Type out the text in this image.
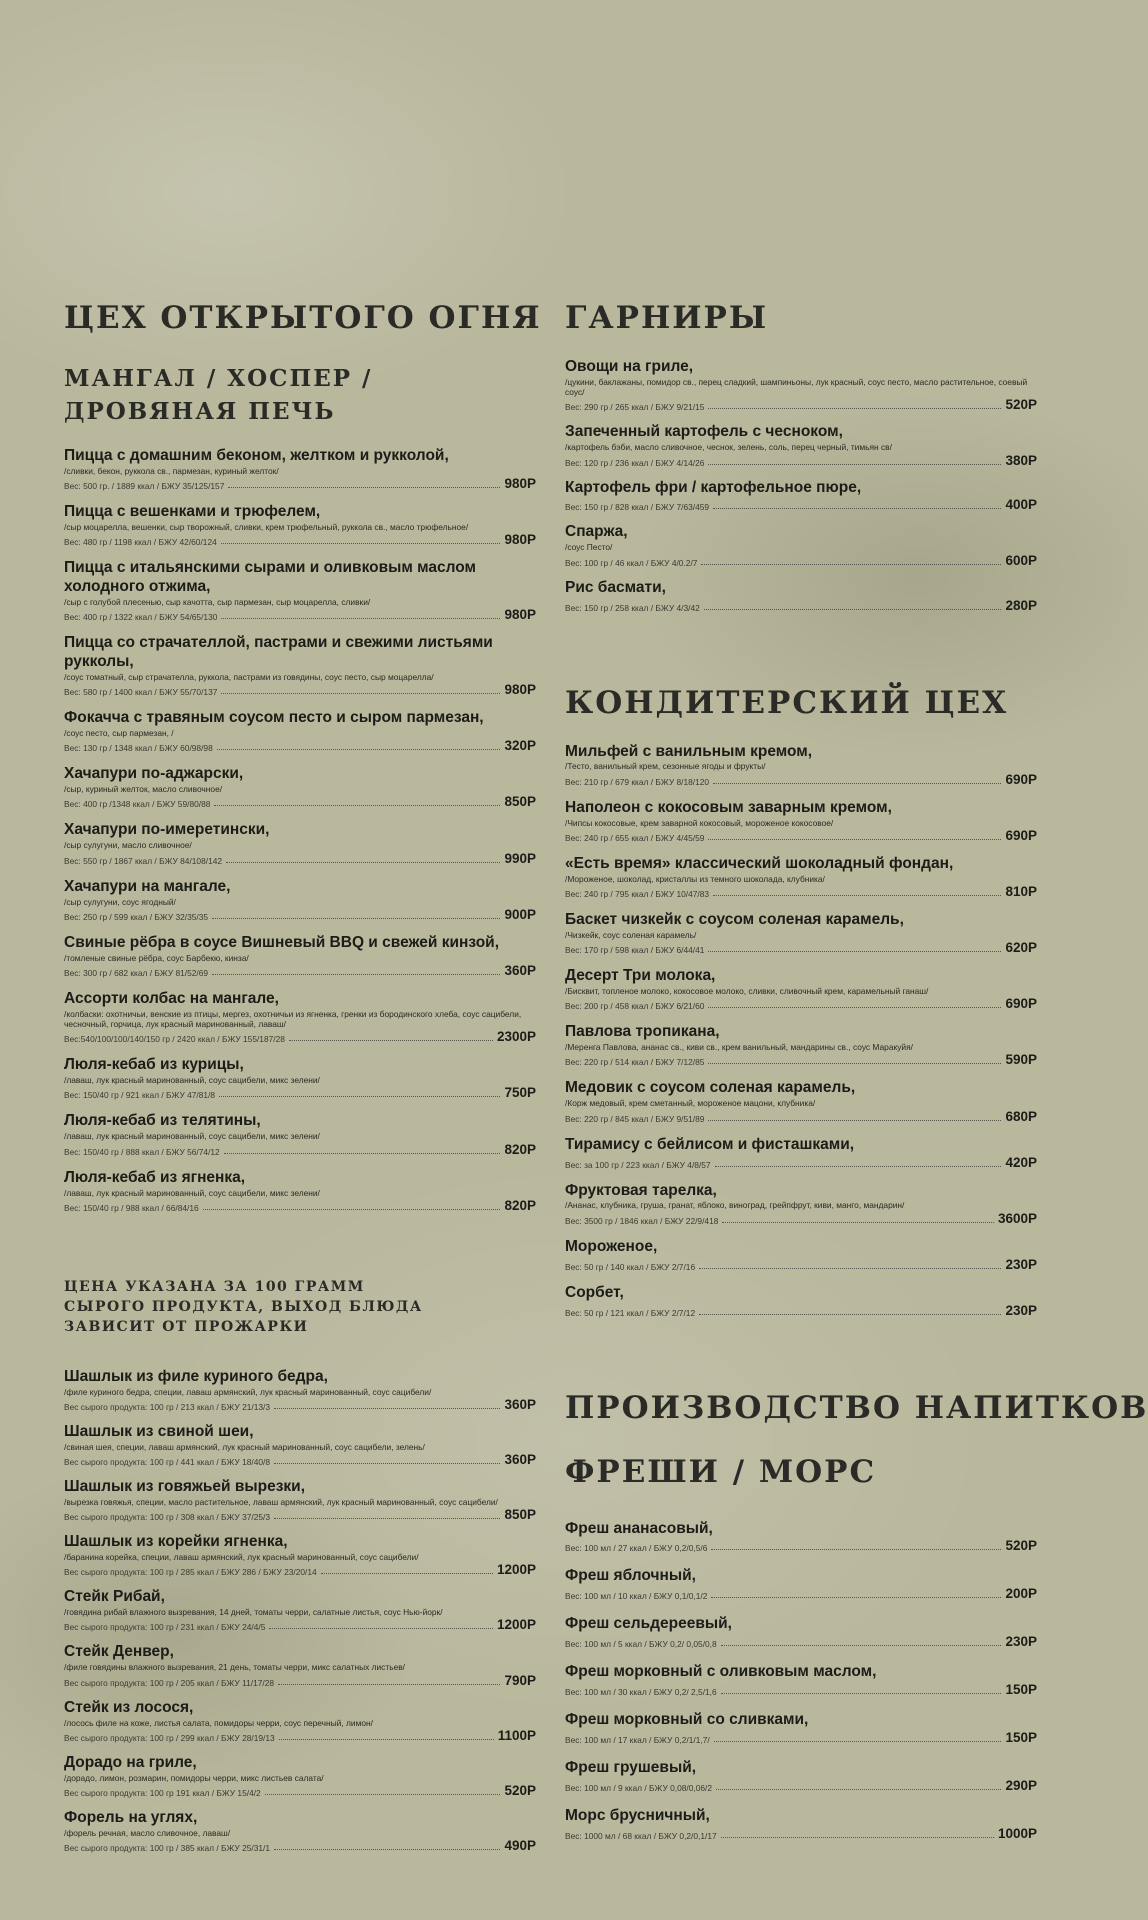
ЦЕХ ОТКРЫТОГО ОГНЯ
МАНГАЛ / ХОСПЕР / ДРОВЯНАЯ ПЕЧЬ
Пицца с домашним беконом, желтком и рукколой,
/сливки, бекон, руккола св., пармезан, куриный желток/
Вес: 500 гр. / 1889 ккал / БЖУ 35/125/157	980Р
Пицца с вешенками и трюфелем,
/сыр моцарелла, вешенки, сыр творожный, сливки, крем трюфельный, руккола св., масло трюфельное/
Вес: 480 гр / 1198 ккал / БЖУ 42/60/124	980Р
Пицца с итальянскими сырами и оливковым маслом холодного отжима,
/сыр с голубой плесенью, сыр качотта, сыр пармезан, сыр моцарелла, сливки/
Вес: 400 гр / 1322 ккал / БЖУ 54/65/130	980Р
Пицца со страчателлой, пастрами и свежими листьями рукколы,
/соус томатный, сыр страчателла, руккола, пастрами из говядины, соус песто, сыр моцарелла/
Вес: 580 гр / 1400 ккал / БЖУ 55/70/137	980Р
Фокачча с травяным соусом песто и сыром пармезан,
/соус песто, сыр пармезан, /
Вес: 130 гр / 1348 ккал / БЖУ 60/98/98	320Р
Хачапури по-аджарски,
/сыр, куриный желток, масло сливочное/
Вес: 400 гр /1348 ккал / БЖУ 59/80/88	850Р
Хачапури по-имеретински,
/сыр сулугуни, масло сливочное/
Вес: 550 гр / 1867 ккал / БЖУ 84/108/142	990Р
Хачапури на мангале,
/сыр сулугуни, соус ягодный/
Вес: 250 гр / 599 ккал / БЖУ 32/35/35	900Р
Свиные рёбра в соусе Вишневый BBQ и свежей кинзой,
/томленые свиные рёбра, соус Барбекю, кинза/
Вес: 300 гр / 682 ккал / БЖУ 81/52/69	360Р
Ассорти колбас на мангале,
/колбаски: охотничьи, венские из птицы, мергез, охотничьи из ягненка, гренки из бородинского хлеба, соус сацибели, чесночный, горчица, лук красный маринованный, лаваш/
Вес:540/100/100/140/150 гр / 2420 ккал / БЖУ 155/187/28	2300Р
Люля-кебаб из курицы,
/лаваш, лук красный маринованный, соус сацибели, микс зелени/
Вес: 150/40 гр / 921 ккал / БЖУ 47/81/8	750Р
Люля-кебаб из телятины,
/лаваш, лук красный маринованный, соус сацибели, микс зелени/
Вес: 150/40 гр / 888 ккал / БЖУ 56/74/12	820Р
Люля-кебаб из ягненка,
/лаваш, лук красный маринованный, соус сацибели, микс зелени/
Вес: 150/40 гр / 988 ккал / 66/84/16	820Р
ЦЕНА УКАЗАНА ЗА 100 ГРАММ СЫРОГО ПРОДУКТА, ВЫХОД БЛЮДА ЗАВИСИТ ОТ ПРОЖАРКИ
Шашлык из филе куриного бедра,
/филе куриного бедра, специи, лаваш армянский, лук красный маринованный, соус сацибели/
Вес сырого продукта: 100 гр / 213 ккал / БЖУ 21/13/3	360Р
Шашлык из свиной шеи,
/свиная шея, специи, лаваш армянский, лук красный маринованный, соус сацибели, зелень/
Вес сырого продукта: 100 гр / 441 ккал / БЖУ 18/40/8	360Р
Шашлык из говяжьей вырезки,
/вырезка говяжья, специи, масло растительное, лаваш армянский, лук красный маринованный, соус сацибели/
Вес сырого продукта: 100 гр / 308 ккал / БЖУ 37/25/3	850Р
Шашлык из корейки ягненка,
/баранина корейка, специи, лаваш армянский, лук красный маринованный, соус сацибели/
Вес сырого продукта: 100 гр / 285 ккал / БЖУ 286 / БЖУ 23/20/14	1200Р
Стейк Рибай,
/говядина рибай влажного вызревания, 14 дней, томаты черри, салатные листья, соус Нью-йорк/
Вес сырого продукта: 100 гр / 231 ккал / БЖУ 24/4/5	1200Р
Стейк Денвер,
/филе говядины влажного вызревания, 21 день, томаты черри, микс салатных листьев/
Вес сырого продукта: 100 гр / 205 ккал / БЖУ 11/17/28	790Р
Стейк из лосося,
/лосось филе на коже, листья салата, помидоры черри, соус перечный, лимон/
Вес сырого продукта: 100 гр / 299 ккал / БЖУ 28/19/13	1100Р
Дорадо на гриле,
/дорадо, лимон, розмарин, помидоры черри, микс листьев салата/
Вес сырого продукта: 100 гр 191 ккал / БЖУ 15/4/2	520Р
Форель на углях,
/форель речная, масло сливочное, лаваш/
Вес сырого продукта: 100 гр / 385 ккал / БЖУ 25/31/1	490Р
ГАРНИРЫ
Овощи на гриле,
/цукини, баклажаны, помидор св., перец сладкий, шампиньоны, лук красный, соус песто, масло растительное, соевый соус/
Вес: 290 гр / 265 ккал / БЖУ 9/21/15	520Р
Запеченный картофель с чесноком,
/картофель бэби, масло сливочное, чеснок, зелень, соль, перец черный, тимьян св/
Вес: 120 гр / 236 ккал / БЖУ 4/14/26	380Р
Картофель фри / картофельное пюре,
Вес: 150 гр / 828 ккал / БЖУ 7/63/459	400Р
Спаржа,
/соус Песто/
Вес: 100 гр / 46 ккал / БЖУ 4/0.2/7	600Р
Рис басмати,
Вес: 150 гр / 258 ккал / БЖУ 4/3/42	280Р
КОНДИТЕРСКИЙ ЦЕХ
Мильфей с ванильным кремом,
/Тесто, ванильный крем, сезонные ягоды и фрукты/
Вес: 210 гр / 679 ккал / БЖУ 8/18/120	690Р
Наполеон с кокосовым заварным кремом,
/Чипсы кокосовые, крем заварной кокосовый, мороженое кокосовое/
Вес: 240 гр / 655 ккал / БЖУ 4/45/59	690Р
«Есть время» классический шоколадный фондан,
/Мороженое, шоколад, кристаллы из темного шоколада, клубника/
Вес: 240 гр / 795 ккал / БЖУ 10/47/83	810Р
Баскет чизкейк с соусом соленая карамель,
/Чизкейк, соус соленая карамель/
Вес: 170 гр / 598 ккал / БЖУ 6/44/41	620Р
Десерт Три молока,
/Бисквит, топленое молоко, кокосовое молоко, сливки, сливочный крем, карамельный ганаш/
Вес: 200 гр / 458 ккал / БЖУ 6/21/60	690Р
Павлова тропикана,
/Меренга Павлова, ананас св., киви св., крем ванильный, мандарины св., соус Маракуйя/
Вес: 220 гр / 514 ккал / БЖУ 7/12/85	590Р
Медовик с соусом соленая карамель,
/Корж медовый, крем сметанный, мороженое мацони, клубника/
Вес: 220 гр / 845 ккал / БЖУ 9/51/89	680Р
Тирамису с бейлисом и фисташками,
Вес: за 100 гр / 223 ккал / БЖУ 4/8/57	420Р
Фруктовая тарелка,
/Ананас, клубника, груша, гранат, яблоко, виноград, грейпфрут, киви, манго, мандарин/
Вес: 3500 гр / 1846 ккал / БЖУ 22/9/418	3600Р
Мороженое,
Вес: 50 гр / 140 ккал / БЖУ 2/7/16	230Р
Сорбет,
Вес: 50 гр / 121 ккал / БЖУ 2/7/12	230Р
ПРОИЗВОДСТВО НАПИТКОВ
ФРЕШИ / МОРС
Фреш ананасовый,
Вес: 100 мл / 27 ккал / БЖУ 0,2/0,5/6	520Р
Фреш яблочный,
Вес: 100 мл / 10 ккал / БЖУ 0,1/0,1/2	200Р
Фреш сельдереевый,
Вес: 100 мл / 5 ккал / БЖУ 0,2/ 0,05/0,8	230Р
Фреш морковный с оливковым маслом,
Вес: 100 мл / 30 ккал / БЖУ 0,2/ 2,5/1,6	150Р
Фреш морковный со сливками,
Вес: 100 мл / 17 ккал / БЖУ 0,2/1/1,7/	150Р
Фреш грушевый,
Вес: 100 мл / 9 ккал / БЖУ 0,08/0,06/2	290Р
Морс брусничный,
Вес: 1000 мл / 68 ккал / БЖУ 0,2/0,1/17	1000Р
